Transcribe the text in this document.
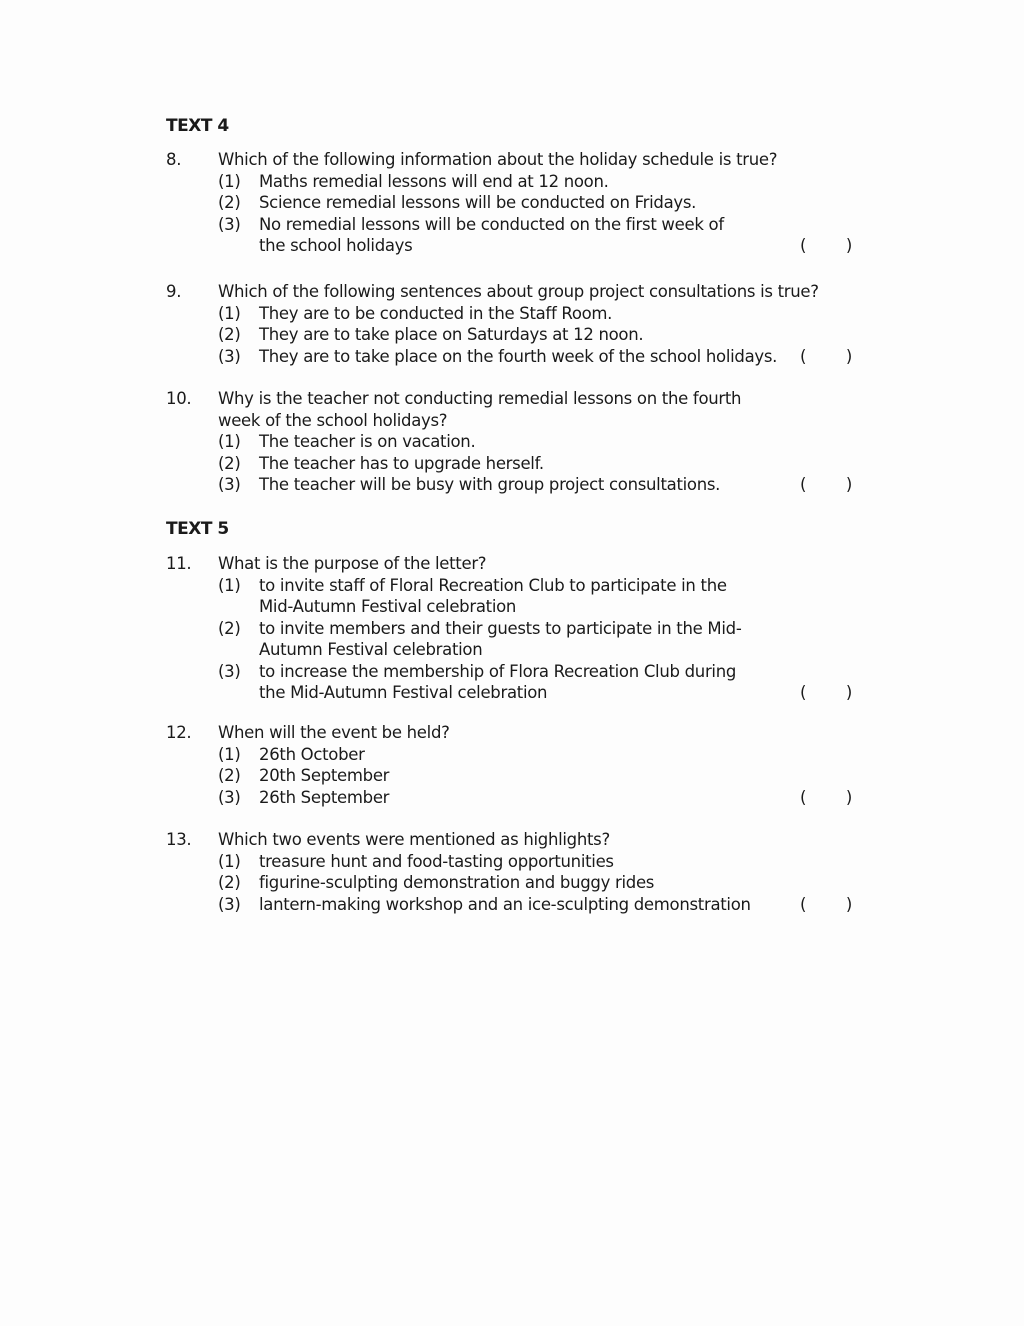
TEXT 4
8.	Which of the following information about the holiday schedule is true?
(1)	Maths remedial lessons will end at 12 noon.
(2)	Science remedial lessons will be conducted on Fridays.
(3)	No remedial lessons will be conducted on the first week of the school holidays	( )
9.	Which of the following sentences about group project consultations is true?
(1)	They are to be conducted in the Staff Room.
(2)	They are to take place on Saturdays at 12 noon.
(3)	They are to take place on the fourth week of the school holidays.	( )
10.	Why is the teacher not conducting remedial lessons on the fourth week of the school holidays?
(1)	The teacher is on vacation.
(2)	The teacher has to upgrade herself.
(3)	The teacher will be busy with group project consultations.	( )
TEXT 5
11.	What is the purpose of the letter?
(1)	to invite staff of Floral Recreation Club to participate in the Mid-Autumn Festival celebration
(2)	to invite members and their guests to participate in the Mid-Autumn Festival celebration
(3)	to increase the membership of Flora Recreation Club during the Mid-Autumn Festival celebration	( )
12.	When will the event be held?
(1)	26th October
(2)	20th September
(3)	26th September	( )
13.	Which two events were mentioned as highlights?
(1)	treasure hunt and food-tasting opportunities
(2)	figurine-sculpting demonstration and buggy rides
(3)	lantern-making workshop and an ice-sculpting demonstration	( )
